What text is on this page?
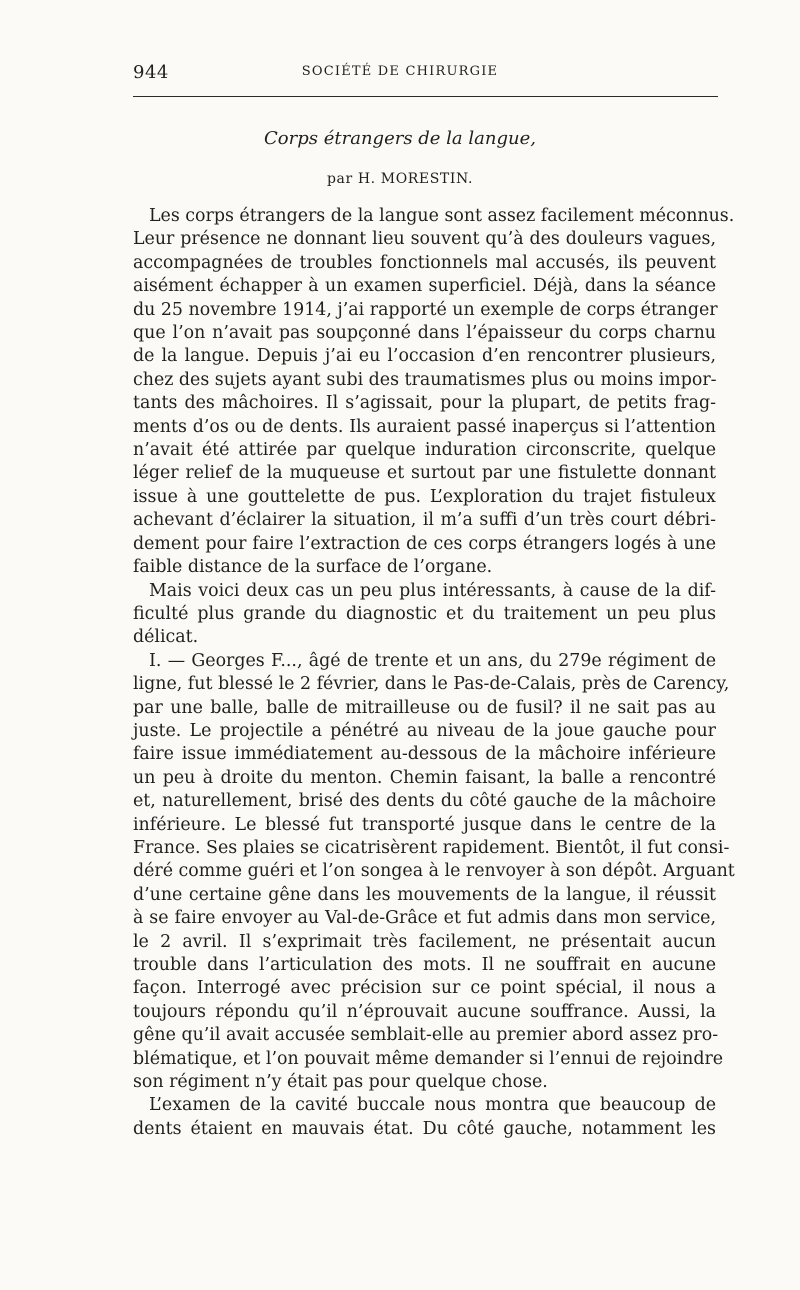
944	SOCIÉTÉ DE CHIRURGIE
Corps étrangers de la langue,
par H. MORESTIN.
Les corps étrangers de la langue sont assez facilement méconnus.
Leur présence ne donnant lieu souvent qu’à des douleurs vagues,
accompagnées de troubles fonctionnels mal accusés, ils peuvent
aisément échapper à un examen superficiel. Déjà, dans la séance
du 25 novembre 1914, j’ai rapporté un exemple de corps étranger
que l’on n’avait pas soupçonné dans l’épaisseur du corps charnu
de la langue. Depuis j’ai eu l’occasion d’en rencontrer plusieurs,
chez des sujets ayant subi des traumatismes plus ou moins impor-
tants des mâchoires. Il s’agissait, pour la plupart, de petits frag-
ments d’os ou de dents. Ils auraient passé inaperçus si l’attention
n’avait été attirée par quelque induration circonscrite, quelque
léger relief de la muqueuse et surtout par une fistulette donnant
issue à une gouttelette de pus. L’exploration du trajet fistuleux
achevant d’éclairer la situation, il m’a suffi d’un très court débri-
dement pour faire l’extraction de ces corps étrangers logés à une
faible distance de la surface de l’organe.
Mais voici deux cas un peu plus intéressants, à cause de la dif-
ficulté plus grande du diagnostic et du traitement un peu plus
délicat.
I. — Georges F..., âgé de trente et un ans, du 279e régiment de
ligne, fut blessé le 2 février, dans le Pas-de-Calais, près de Carency,
par une balle, balle de mitrailleuse ou de fusil? il ne sait pas au
juste. Le projectile a pénétré au niveau de la joue gauche pour
faire issue immédiatement au-dessous de la mâchoire inférieure
un peu à droite du menton. Chemin faisant, la balle a rencontré
et, naturellement, brisé des dents du côté gauche de la mâchoire
inférieure. Le blessé fut transporté jusque dans le centre de la
France. Ses plaies se cicatrisèrent rapidement. Bientôt, il fut consi-
déré comme guéri et l’on songea à le renvoyer à son dépôt. Arguant
d’une certaine gêne dans les mouvements de la langue, il réussit
à se faire envoyer au Val-de-Grâce et fut admis dans mon service,
le 2 avril. Il s’exprimait très facilement, ne présentait aucun
trouble dans l’articulation des mots. Il ne souffrait en aucune
façon. Interrogé avec précision sur ce point spécial, il nous a
toujours répondu qu’il n’éprouvait aucune souffrance. Aussi, la
gêne qu’il avait accusée semblait-elle au premier abord assez pro-
blématique, et l’on pouvait même demander si l’ennui de rejoindre
son régiment n’y était pas pour quelque chose.
L’examen de la cavité buccale nous montra que beaucoup de
dents étaient en mauvais état. Du côté gauche, notamment les
